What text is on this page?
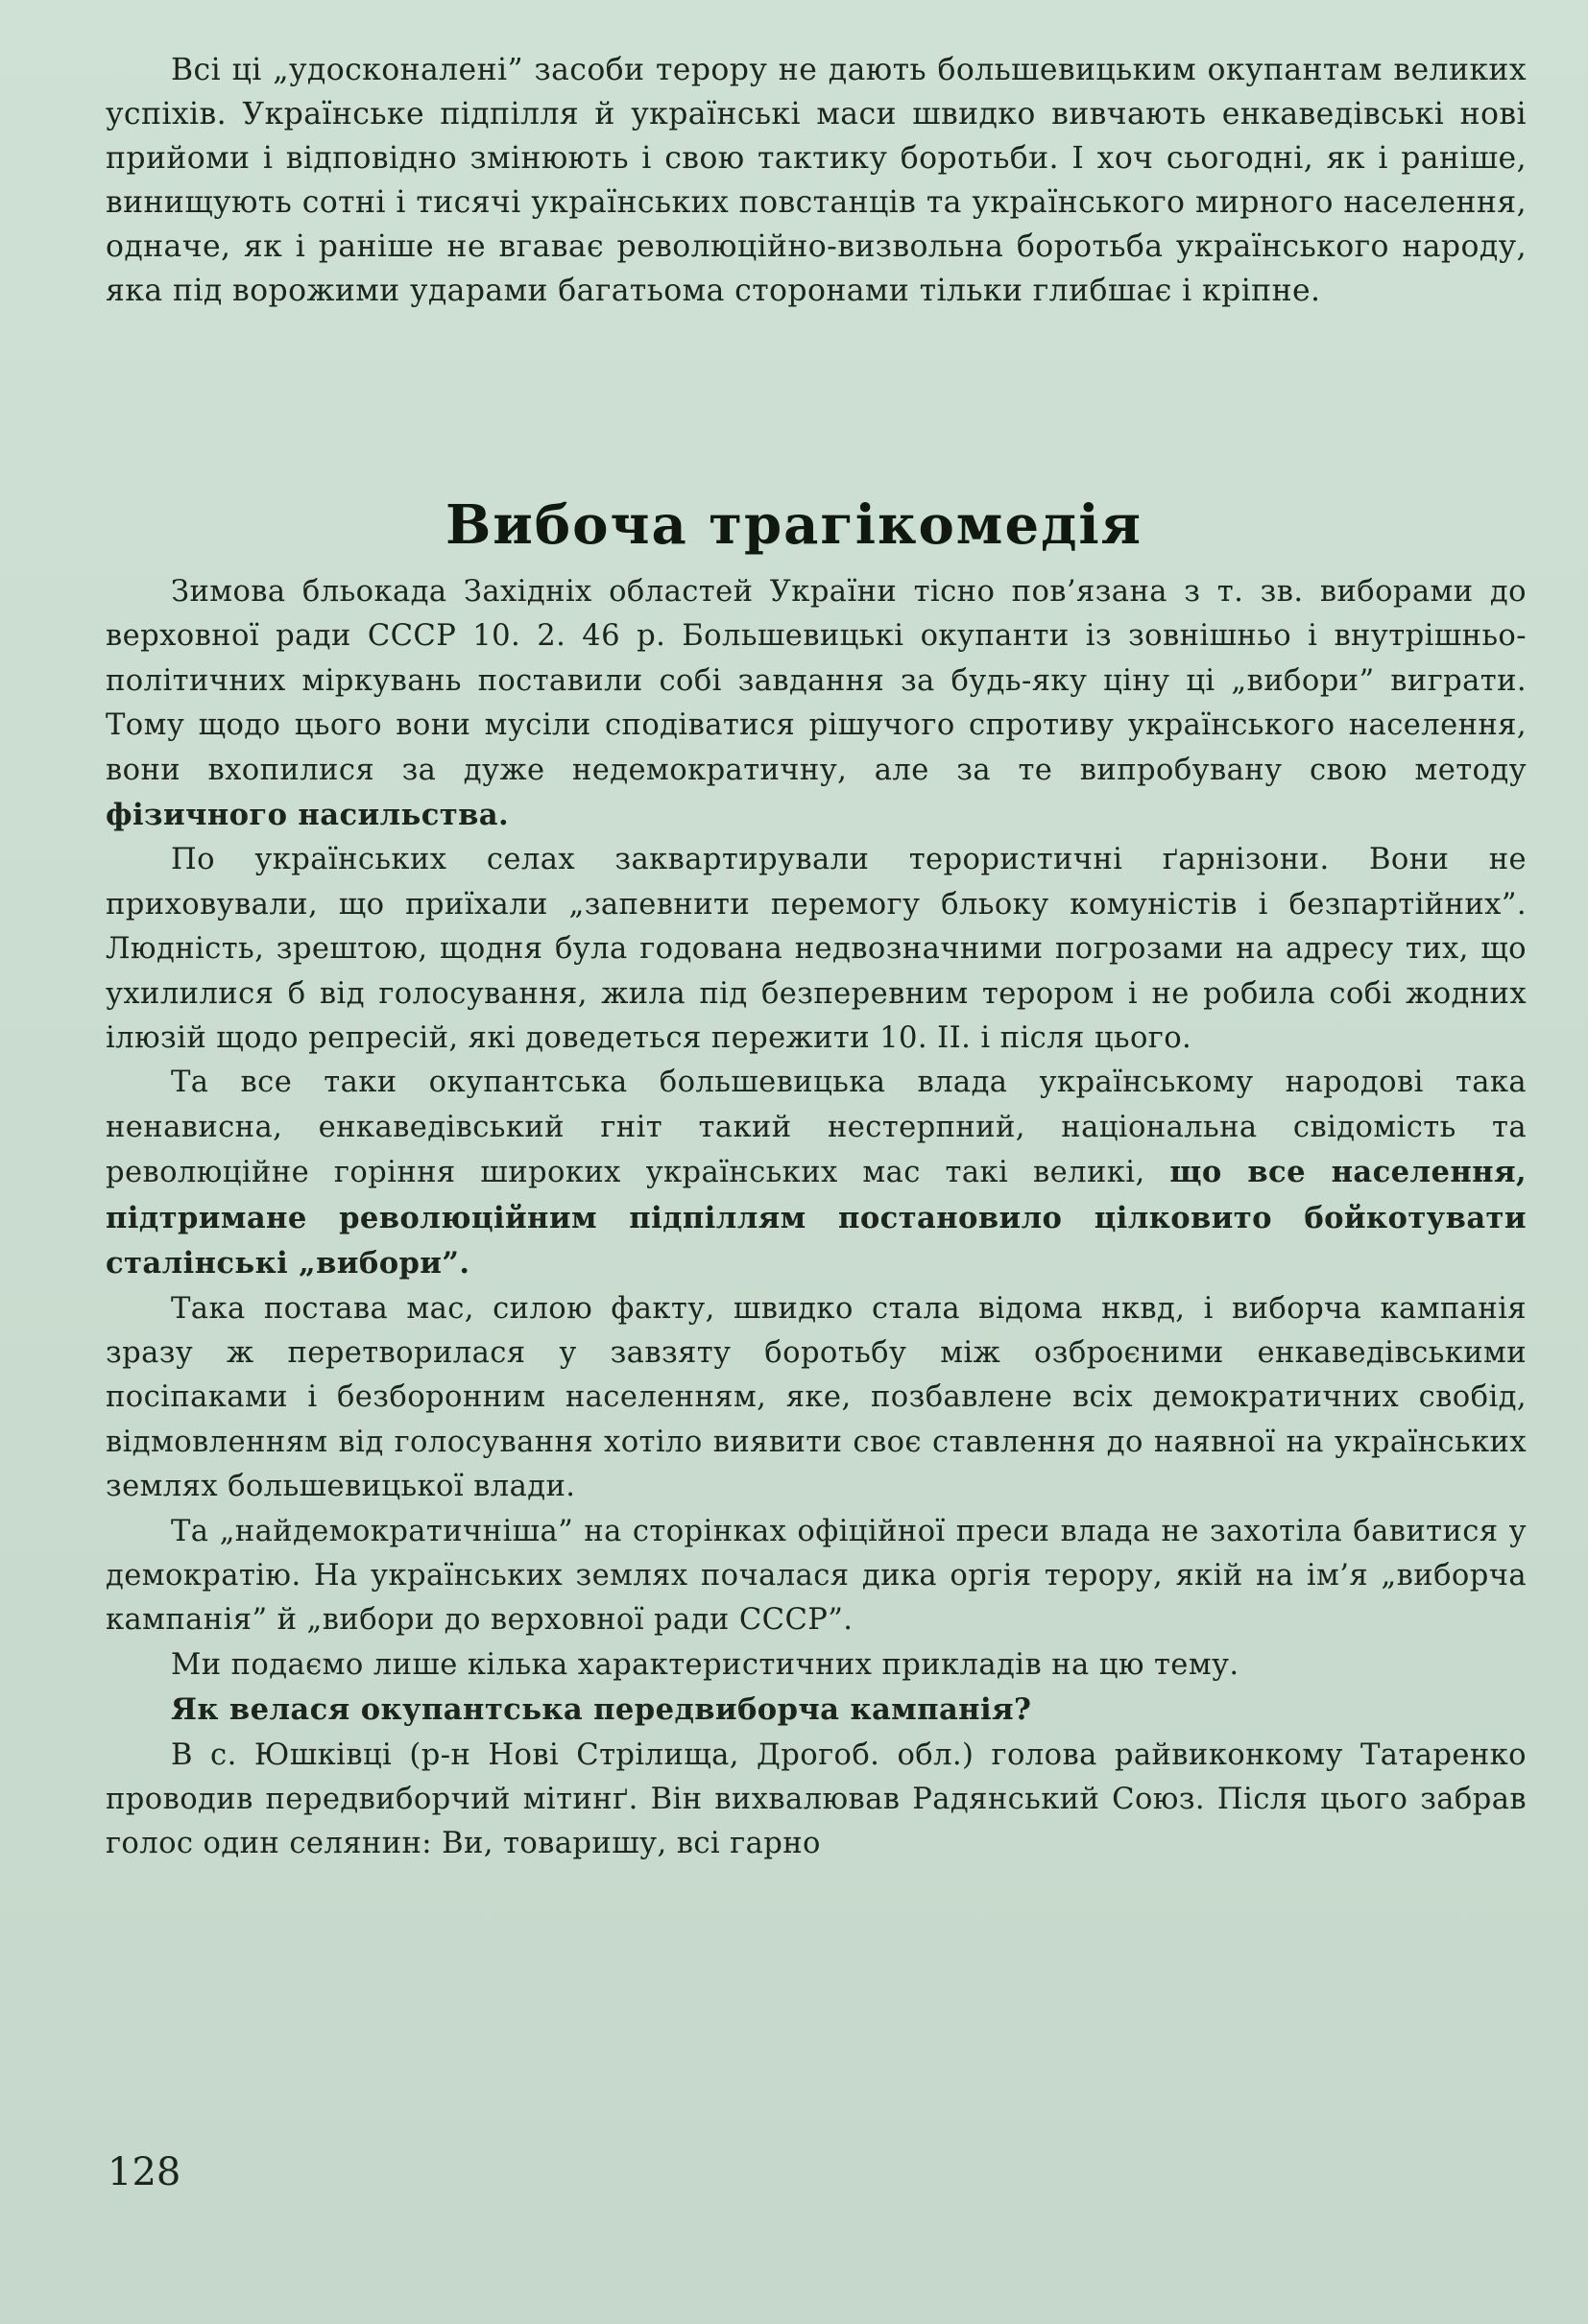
Всі ці „удосконалені” засоби терору не дають большевицьким окупантам великих успіхів. Українське підпілля й українські маси швидко вивчають енкаведівські нові прийоми і відповідно змінюють і свою тактику боротьби. І хоч сьогодні, як і раніше, винищують сотні і тисячі українських повстанців та українського мирного населення, одначе, як і раніше не вгаває революційно-визвольна боротьба українського народу, яка під ворожими ударами багатьома сторонами тільки глибшає і кріпне.

Вибоча трагікомедія

Зимова бльокада Західніх областей України тісно пов’язана з т. зв. виборами до верховної ради СССР 10. 2. 46 р. Большевицькі окупанти із зовнішньо і внутрішньо-політичних міркувань поставили собі завдання за будь-яку ціну ці „вибори” виграти. Тому щодо цього вони мусіли сподіватися рішучого спротиву українського населення, вони вхопилися за дуже недемократичну, але за те випробувану свою методу фізичного насильства.

По українських селах заквартирували терористичні ґарнізони. Вони не приховували, що приїхали „запевнити перемогу бльоку комуністів і безпартійних”. Людність, зрештою, щодня була годована недвозначними погрозами на адресу тих, що ухилилися б від голосування, жила під безперевним терором і не робила собі жодних ілюзій щодо репресій, які доведеться пережити 10. ІІ. і після цього.

Та все таки окупантська большевицька влада українському народові така ненависна, енкаведівський гніт такий нестерпний, національна свідомість та революційне горіння широких українських мас такі великі, що все населення, підтримане революційним підпіллям постановило цілковито бойкотувати сталінські „вибори”.

Така постава мас, силою факту, швидко стала відома нквд, і виборча кампанія зразу ж перетворилася у завзяту боротьбу між озброєними енкаведівськими посіпаками і безборонним населенням, яке, позбавлене всіх демократичних свобід, відмовленням від голосування хотіло виявити своє ставлення до наявної на українських землях большевицької влади.

Та „найдемократичніша” на сторінках офіційної преси влада не захотіла бавитися у демократію. На українських землях почалася дика оргія терору, якій на ім’я „виборча кампанія” й „вибори до верховної ради СССР”.

Ми подаємо лише кілька характеристичних прикладів на цю тему.

Як велася окупантська передвиборча кампанія?

В с. Юшківці (р-н Нові Стрілища, Дрогоб. обл.) голова райвиконкому Татаренко проводив передвиборчий мітинґ. Він вихвалював Радянський Союз. Після цього забрав голос один селянин: Ви, товаришу, всі гарно

128
